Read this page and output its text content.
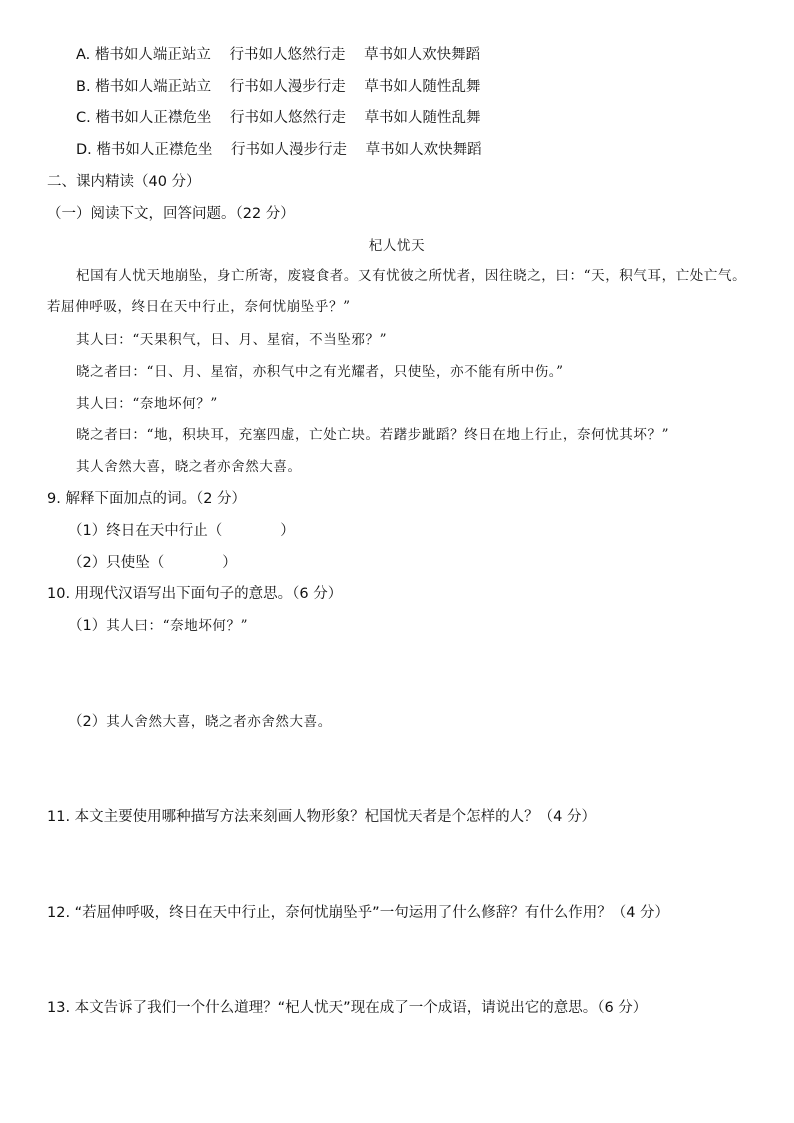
A. 楷书如人端正站立 行书如人悠然行走 草书如人欢快舞蹈
B. 楷书如人端正站立 行书如人漫步行走 草书如人随性乱舞
C. 楷书如人正襟危坐 行书如人悠然行走 草书如人随性乱舞
D. 楷书如人正襟危坐 行书如人漫步行走 草书如人欢快舞蹈
二、课内精读（40 分）
（一）阅读下文，回答问题。（22 分）
杞人忧天
杞国有人忧天地崩坠，身亡所寄，废寝食者。又有忧彼之所忧者，因往晓之，曰：“天，积气耳，亡处亡气。
若屈伸呼吸，终日在天中行止，奈何忧崩坠乎？”
其人曰：“天果积气，日、月、星宿，不当坠邪？”
晓之者曰：“日、月、星宿，亦积气中之有光耀者，只使坠，亦不能有所中伤。”
其人曰：“奈地坏何？”
晓之者曰：“地，积块耳，充塞四虚，亡处亡块。若躇步跐蹈？终日在地上行止，奈何忧其坏？”
其人舍然大喜，晓之者亦舍然大喜。
9. 解释下面加点的词。（2 分）
（1）终日在天中行止（	）
（2）只使坠（	）
10. 用现代汉语写出下面句子的意思。（6 分）
（1）其人曰：“奈地坏何？”
（2）其人舍然大喜，晓之者亦舍然大喜。
11. 本文主要使用哪种描写方法来刻画人物形象？杞国忧天者是个怎样的人？（4 分）
12. “若屈伸呼吸，终日在天中行止，奈何忧崩坠乎”一句运用了什么修辞？有什么作用？（4 分）
13. 本文告诉了我们一个什么道理？“杞人忧天”现在成了一个成语，请说出它的意思。（6 分）
